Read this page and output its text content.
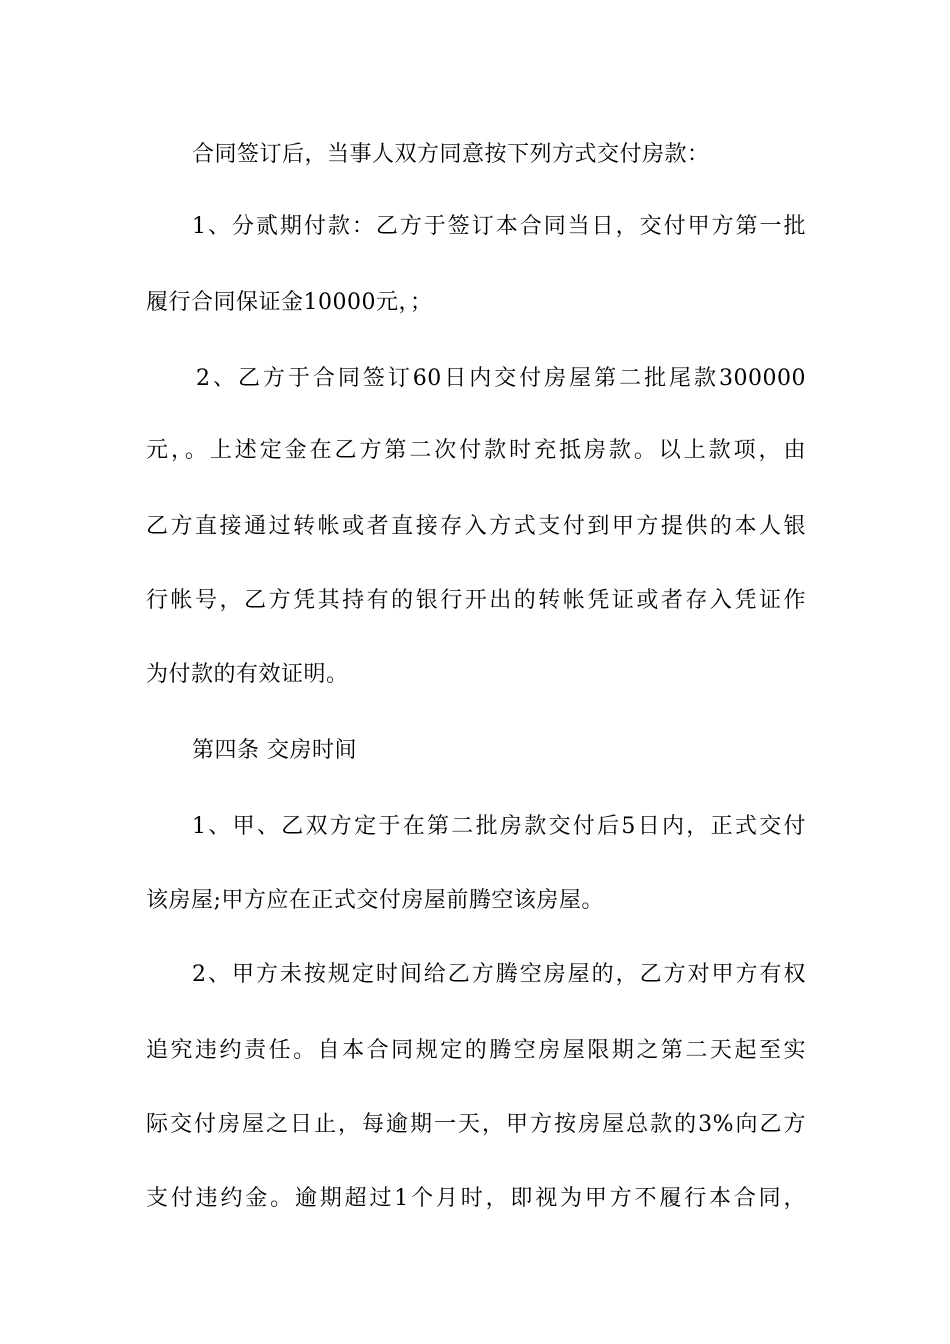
合同签订后，当事人双方同意按下列方式交付房款：
1、分贰期付款：乙方于签订本合同当日，交付甲方第一批
履行合同保证金10000元，；
2、乙方于合同签订60日内交付房屋第二批尾款300000
元，。上述定金在乙方第二次付款时充抵房款。以上款项，由
乙方直接通过转帐或者直接存入方式支付到甲方提供的本人银
行帐号，乙方凭其持有的银行开出的转帐凭证或者存入凭证作
为付款的有效证明。
第四条 交房时间
1、甲、乙双方定于在第二批房款交付后5日内，正式交付
该房屋;甲方应在正式交付房屋前腾空该房屋。
2、甲方未按规定时间给乙方腾空房屋的，乙方对甲方有权
追究违约责任。自本合同规定的腾空房屋限期之第二天起至实
际交付房屋之日止，每逾期一天，甲方按房屋总款的3%向乙方
支付违约金。逾期超过1个月时，即视为甲方不履行本合同，
